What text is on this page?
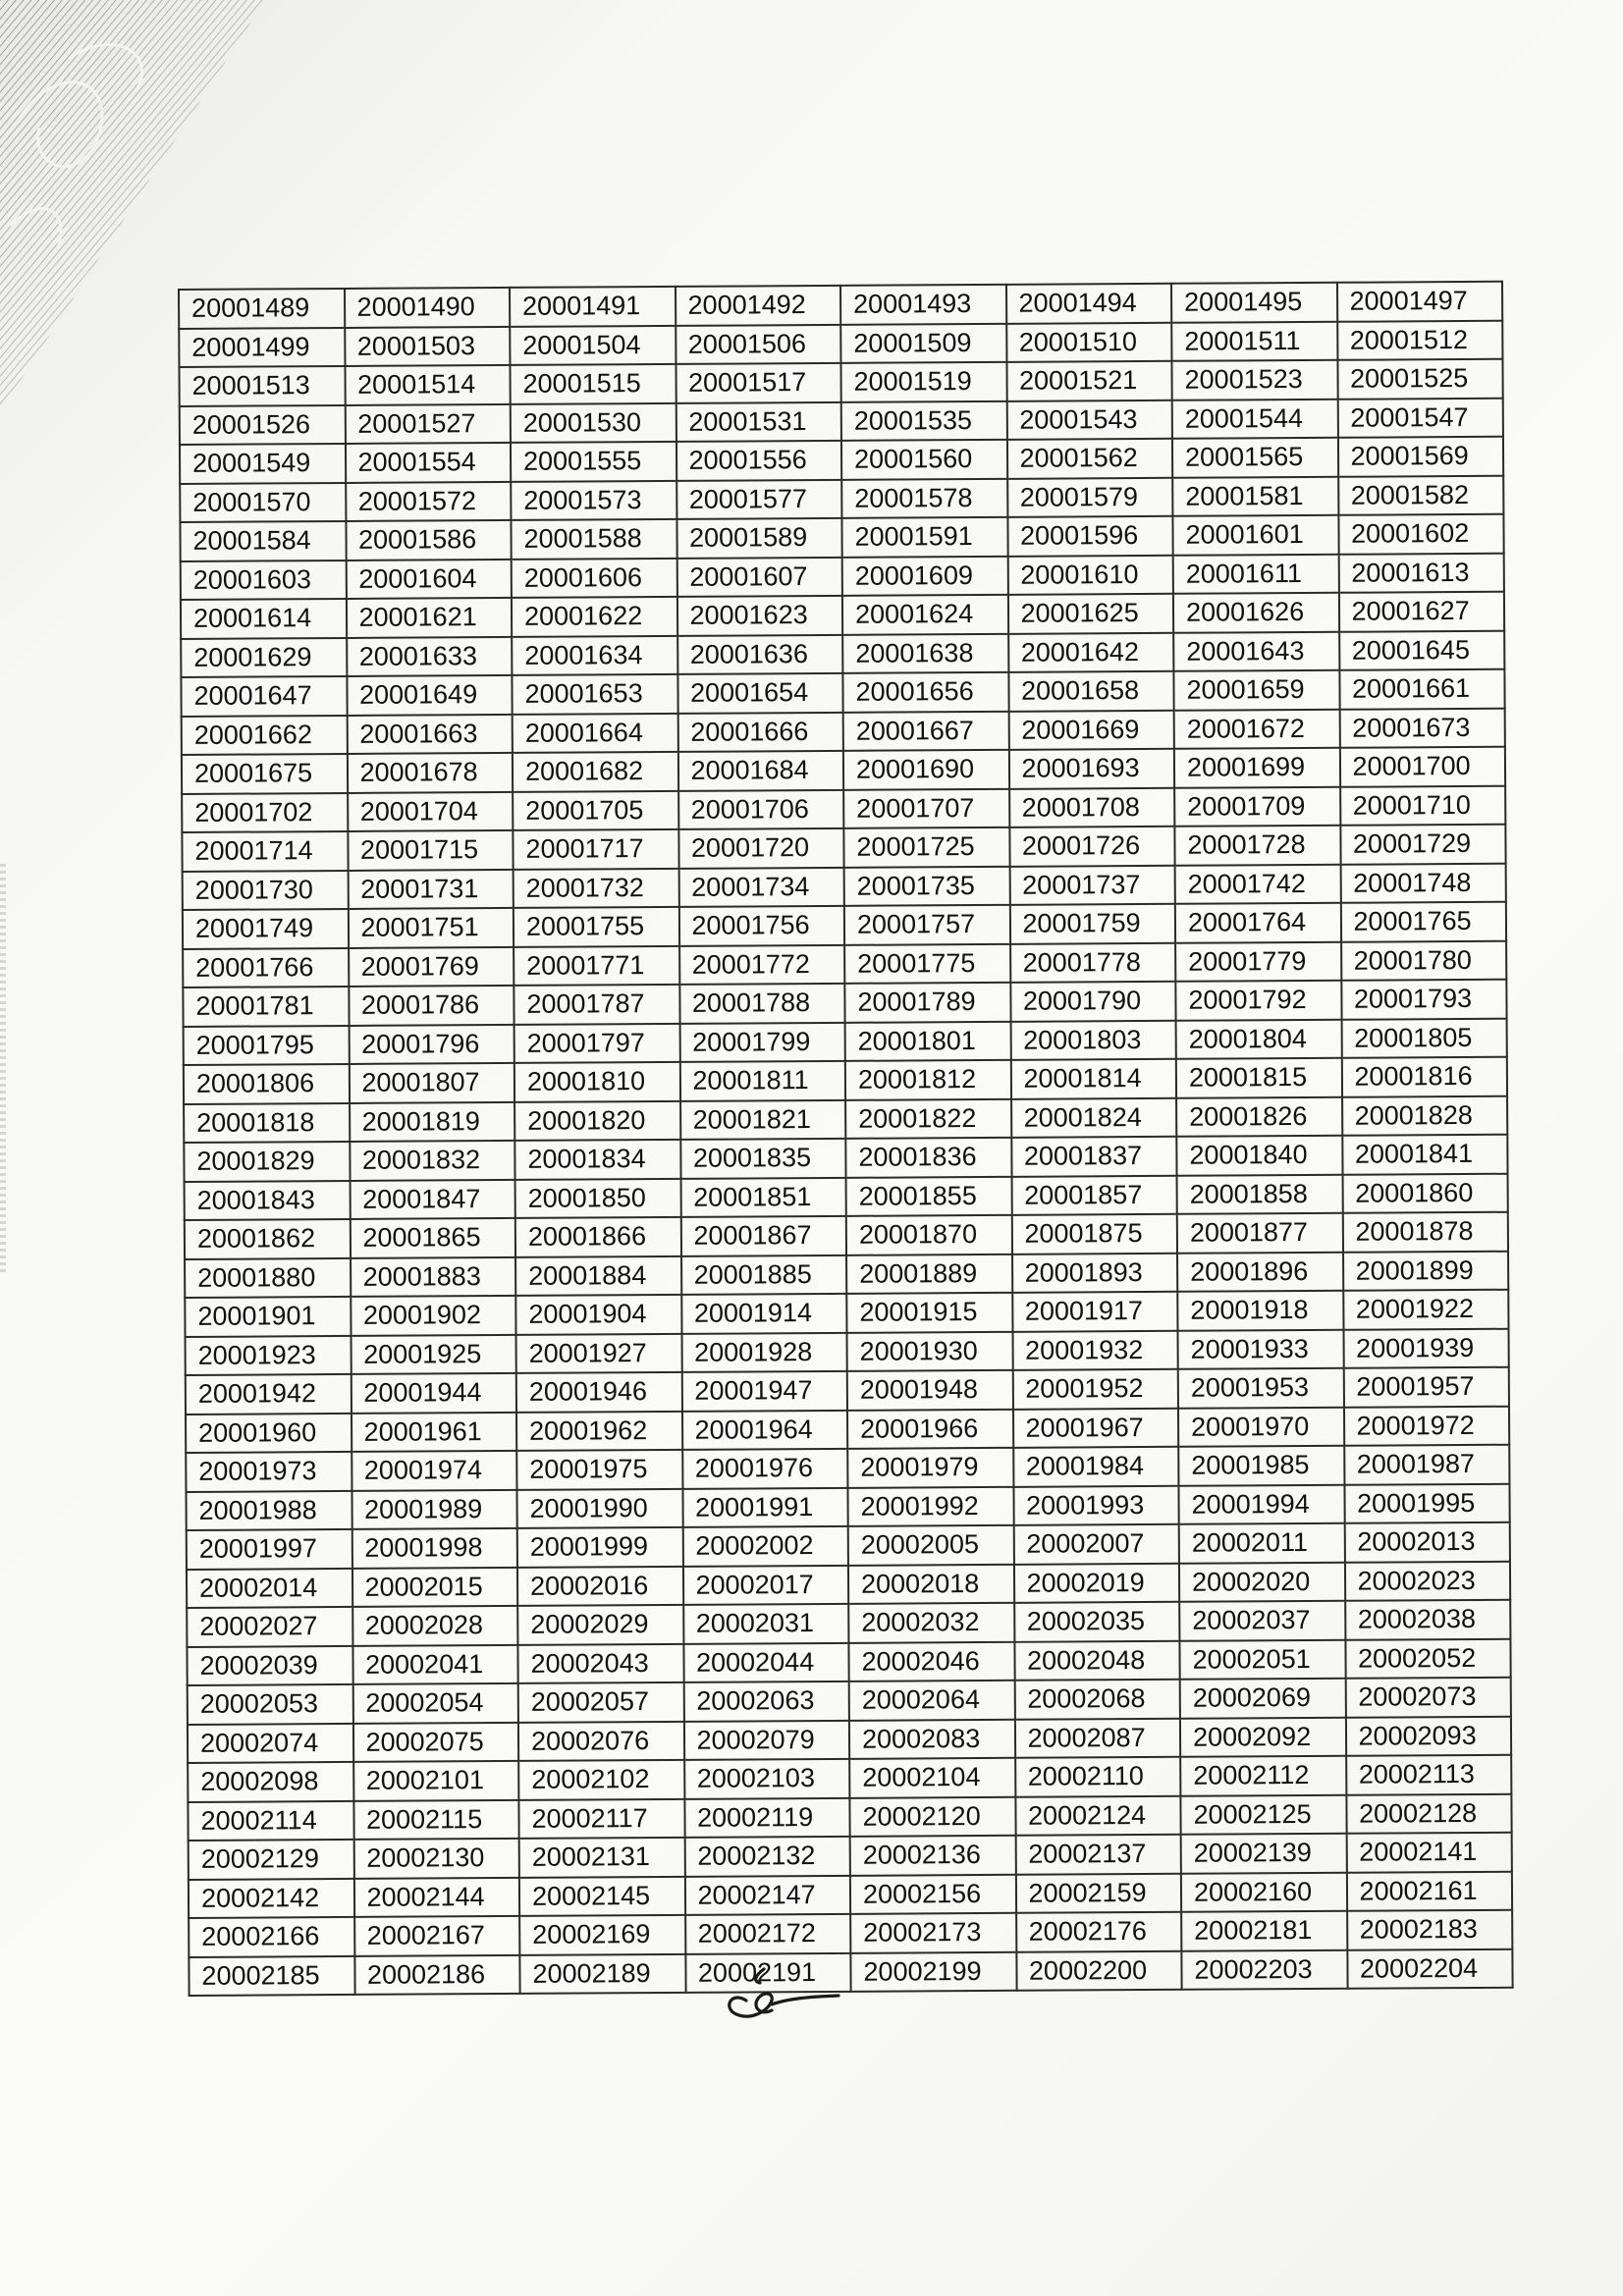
20001489	20001490	20001491	20001492	20001493	20001494	20001495	20001497
20001499	20001503	20001504	20001506	20001509	20001510	20001511	20001512
20001513	20001514	20001515	20001517	20001519	20001521	20001523	20001525
20001526	20001527	20001530	20001531	20001535	20001543	20001544	20001547
20001549	20001554	20001555	20001556	20001560	20001562	20001565	20001569
20001570	20001572	20001573	20001577	20001578	20001579	20001581	20001582
20001584	20001586	20001588	20001589	20001591	20001596	20001601	20001602
20001603	20001604	20001606	20001607	20001609	20001610	20001611	20001613
20001614	20001621	20001622	20001623	20001624	20001625	20001626	20001627
20001629	20001633	20001634	20001636	20001638	20001642	20001643	20001645
20001647	20001649	20001653	20001654	20001656	20001658	20001659	20001661
20001662	20001663	20001664	20001666	20001667	20001669	20001672	20001673
20001675	20001678	20001682	20001684	20001690	20001693	20001699	20001700
20001702	20001704	20001705	20001706	20001707	20001708	20001709	20001710
20001714	20001715	20001717	20001720	20001725	20001726	20001728	20001729
20001730	20001731	20001732	20001734	20001735	20001737	20001742	20001748
20001749	20001751	20001755	20001756	20001757	20001759	20001764	20001765
20001766	20001769	20001771	20001772	20001775	20001778	20001779	20001780
20001781	20001786	20001787	20001788	20001789	20001790	20001792	20001793
20001795	20001796	20001797	20001799	20001801	20001803	20001804	20001805
20001806	20001807	20001810	20001811	20001812	20001814	20001815	20001816
20001818	20001819	20001820	20001821	20001822	20001824	20001826	20001828
20001829	20001832	20001834	20001835	20001836	20001837	20001840	20001841
20001843	20001847	20001850	20001851	20001855	20001857	20001858	20001860
20001862	20001865	20001866	20001867	20001870	20001875	20001877	20001878
20001880	20001883	20001884	20001885	20001889	20001893	20001896	20001899
20001901	20001902	20001904	20001914	20001915	20001917	20001918	20001922
20001923	20001925	20001927	20001928	20001930	20001932	20001933	20001939
20001942	20001944	20001946	20001947	20001948	20001952	20001953	20001957
20001960	20001961	20001962	20001964	20001966	20001967	20001970	20001972
20001973	20001974	20001975	20001976	20001979	20001984	20001985	20001987
20001988	20001989	20001990	20001991	20001992	20001993	20001994	20001995
20001997	20001998	20001999	20002002	20002005	20002007	20002011	20002013
20002014	20002015	20002016	20002017	20002018	20002019	20002020	20002023
20002027	20002028	20002029	20002031	20002032	20002035	20002037	20002038
20002039	20002041	20002043	20002044	20002046	20002048	20002051	20002052
20002053	20002054	20002057	20002063	20002064	20002068	20002069	20002073
20002074	20002075	20002076	20002079	20002083	20002087	20002092	20002093
20002098	20002101	20002102	20002103	20002104	20002110	20002112	20002113
20002114	20002115	20002117	20002119	20002120	20002124	20002125	20002128
20002129	20002130	20002131	20002132	20002136	20002137	20002139	20002141
20002142	20002144	20002145	20002147	20002156	20002159	20002160	20002161
20002166	20002167	20002169	20002172	20002173	20002176	20002181	20002183
20002185	20002186	20002189	20002191	20002199	20002200	20002203	20002204
